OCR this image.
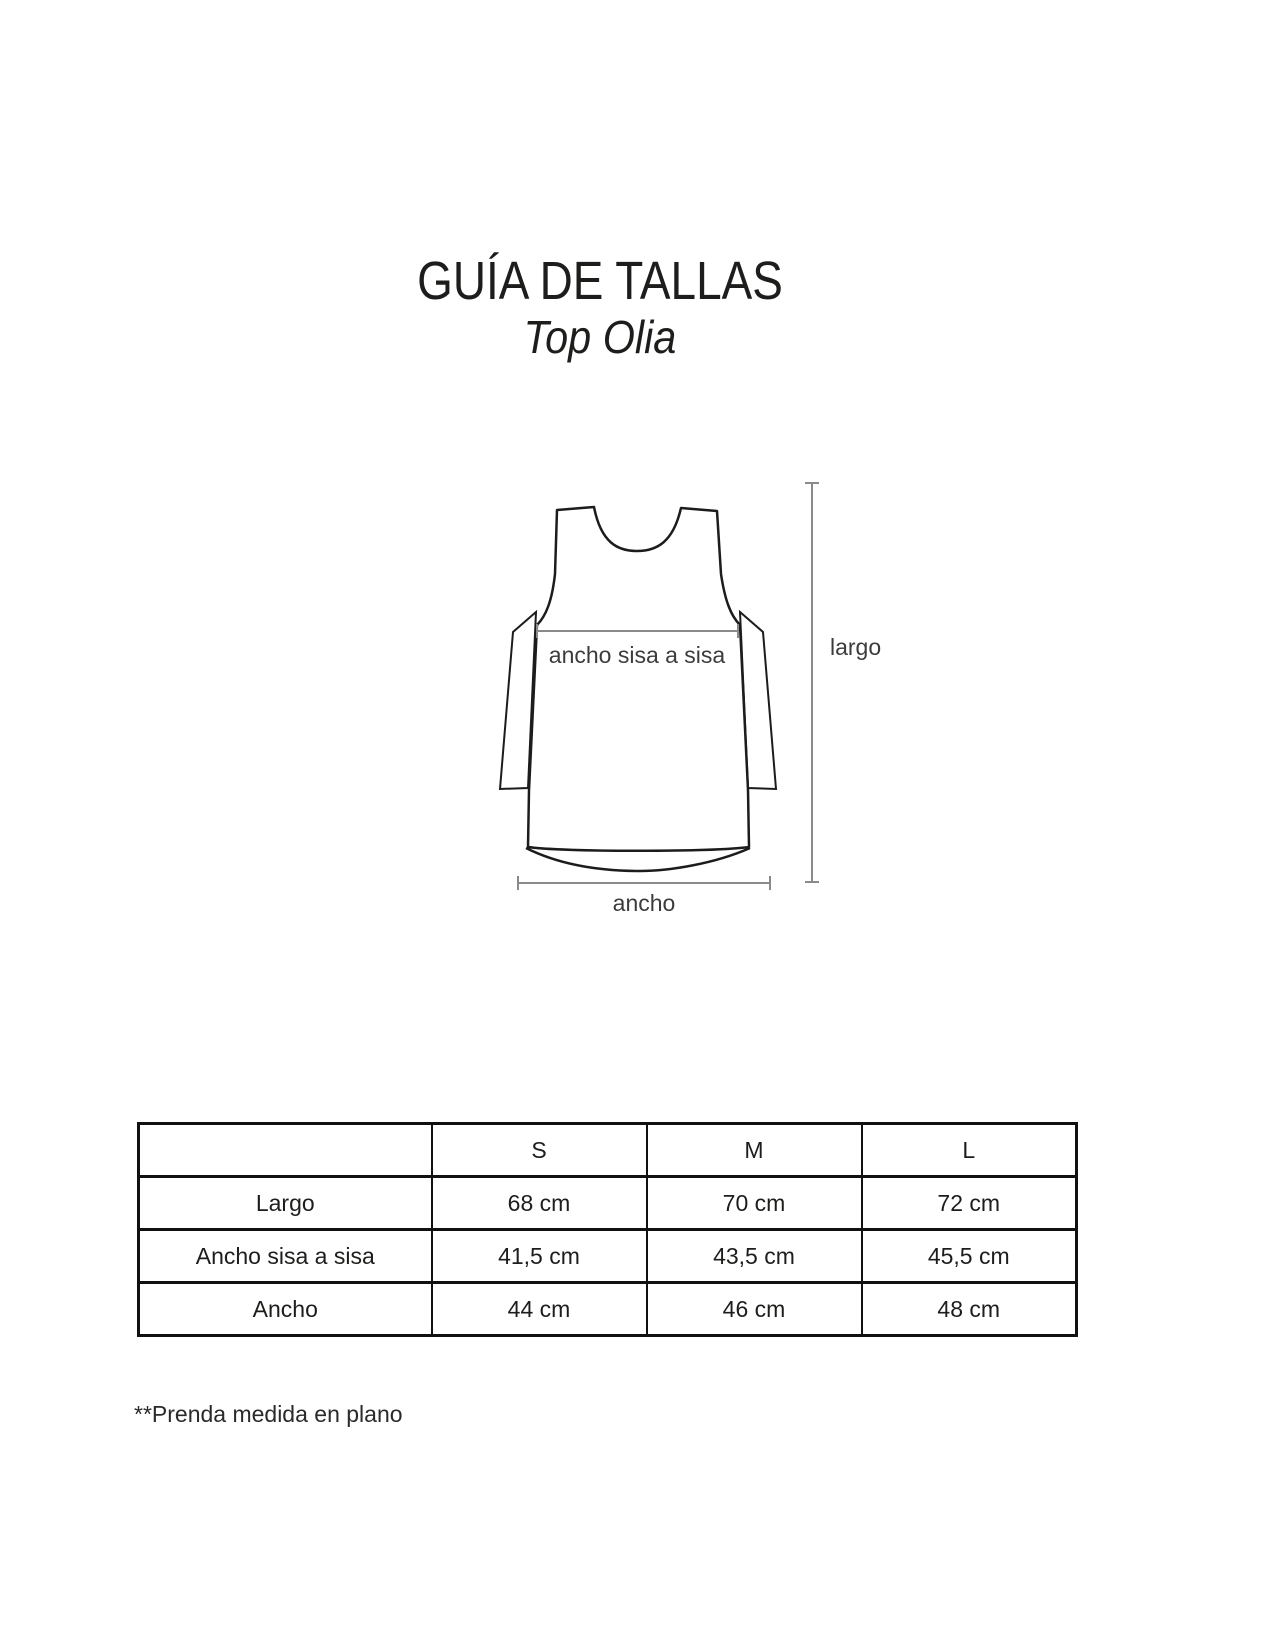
GUÍA DE TALLAS
Top Olia
ancho sisa a sisa	largo
ancho
	S	M	L
Largo	68 cm	70 cm	72 cm
Ancho sisa a sisa	41,5 cm	43,5 cm	45,5 cm
Ancho	44 cm	46 cm	48 cm
**Prenda medida en plano
